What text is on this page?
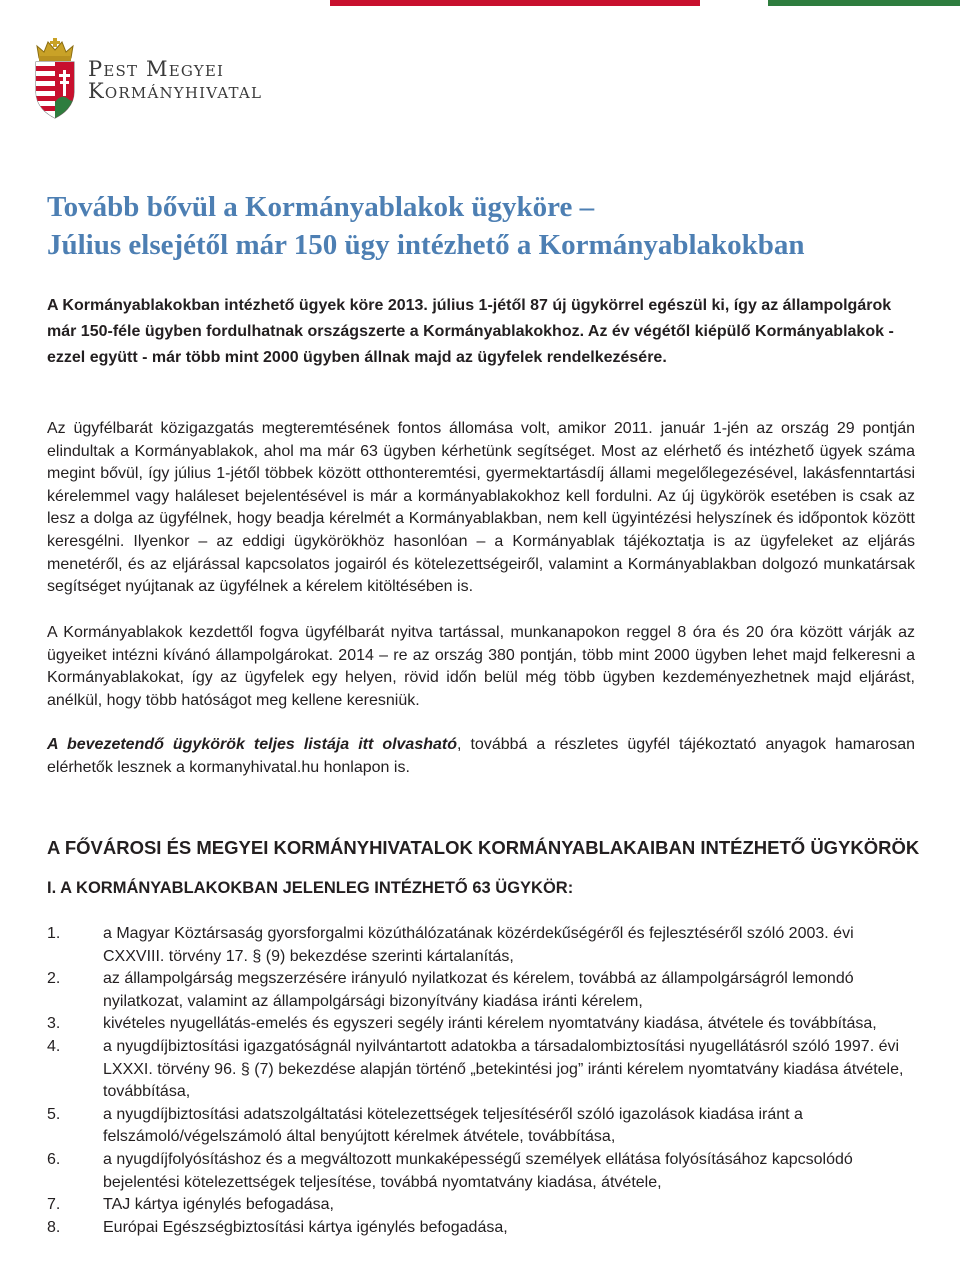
Pest Megyei
Kormányhivatal
Tovább bővül a Kormányablakok ügyköre –
Július elsejétől már 150 ügy intézhető a Kormányablakokban

A Kormányablakokban intézhető ügyek köre 2013. július 1-jétől 87 új ügykörrel egészül ki, így az állampolgárok már 150-féle ügyben fordulhatnak országszerte a Kormányablakokhoz. Az év végétől kiépülő Kormányablakok - ezzel együtt - már több mint 2000 ügyben állnak majd az ügyfelek rendelkezésére.

Az ügyfélbarát közigazgatás megteremtésének fontos állomása volt, amikor 2011. január 1-jén az ország 29 pontján elindultak a Kormányablakok, ahol ma már 63 ügyben kérhetünk segítséget. Most az elérhető és intézhető ügyek száma megint bővül, így július 1-jétől többek között otthonteremtési, gyermektartásdíj állami megelőlegezésével, lakásfenntartási kérelemmel vagy haláleset bejelentésével is már a kormányablakokhoz kell fordulni. Az új ügykörök esetében is csak az lesz a dolga az ügyfélnek, hogy beadja kérelmét a Kormányablakban, nem kell ügyintézési helyszínek és időpontok között keresgélni. Ilyenkor – az eddigi ügykörökhöz hasonlóan – a Kormányablak tájékoztatja is az ügyfeleket az eljárás menetéről, és az eljárással kapcsolatos jogairól és kötelezettségeiről, valamint a Kormányablakban dolgozó munkatársak segítséget nyújtanak az ügyfélnek a kérelem kitöltésében is.

A Kormányablakok kezdettől fogva ügyfélbarát nyitva tartással, munkanapokon reggel 8 óra és 20 óra között várják az ügyeiket intézni kívánó állampolgárokat. 2014 – re az ország 380 pontján, több mint 2000 ügyben lehet majd felkeresni a Kormányablakokat, így az ügyfelek egy helyen, rövid időn belül még több ügyben kezdeményezhetnek majd eljárást, anélkül, hogy több hatóságot meg kellene keresniük.

A bevezetendő ügykörök teljes listája itt olvasható, továbbá a részletes ügyfél tájékoztató anyagok hamarosan elérhetők lesznek a kormanyhivatal.hu honlapon is.

A FŐVÁROSI ÉS MEGYEI KORMÁNYHIVATALOK KORMÁNYABLAKAIBAN INTÉZHETŐ ÜGYKÖRÖK
I. A KORMÁNYABLAKOKBAN JELENLEG INTÉZHETŐ 63 ÜGYKÖR:
1.	a Magyar Köztársaság gyorsforgalmi közúthálózatának közérdekűségéről és fejlesztéséről szóló 2003. évi CXXVIII. törvény 17. § (9) bekezdése szerinti kártalanítás,
2.	az állampolgárság megszerzésére irányuló nyilatkozat és kérelem, továbbá az állampolgárságról lemondó nyilatkozat, valamint az állampolgársági bizonyítvány kiadása iránti kérelem,
3.	kivételes nyugellátás-emelés és egyszeri segély iránti kérelem nyomtatvány kiadása, átvétele és továbbítása,
4.	a nyugdíjbiztosítási igazgatóságnál nyilvántartott adatokba a társadalombiztosítási nyugellátásról szóló 1997. évi LXXXI. törvény 96. § (7) bekezdése alapján történő „betekintési jog” iránti kérelem nyomtatvány kiadása átvétele, továbbítása,
5.	a nyugdíjbiztosítási adatszolgáltatási kötelezettségek teljesítéséről szóló igazolások kiadása iránt a felszámoló/végelszámoló által benyújtott kérelmek átvétele, továbbítása,
6.	a nyugdíjfolyósításhoz és a megváltozott munkaképességű személyek ellátása folyósításához kapcsolódó bejelentési kötelezettségek teljesítése, továbbá nyomtatvány kiadása, átvétele,
7.	TAJ kártya igénylés befogadása,
8.	Európai Egészségbiztosítási kártya igénylés befogadása,
